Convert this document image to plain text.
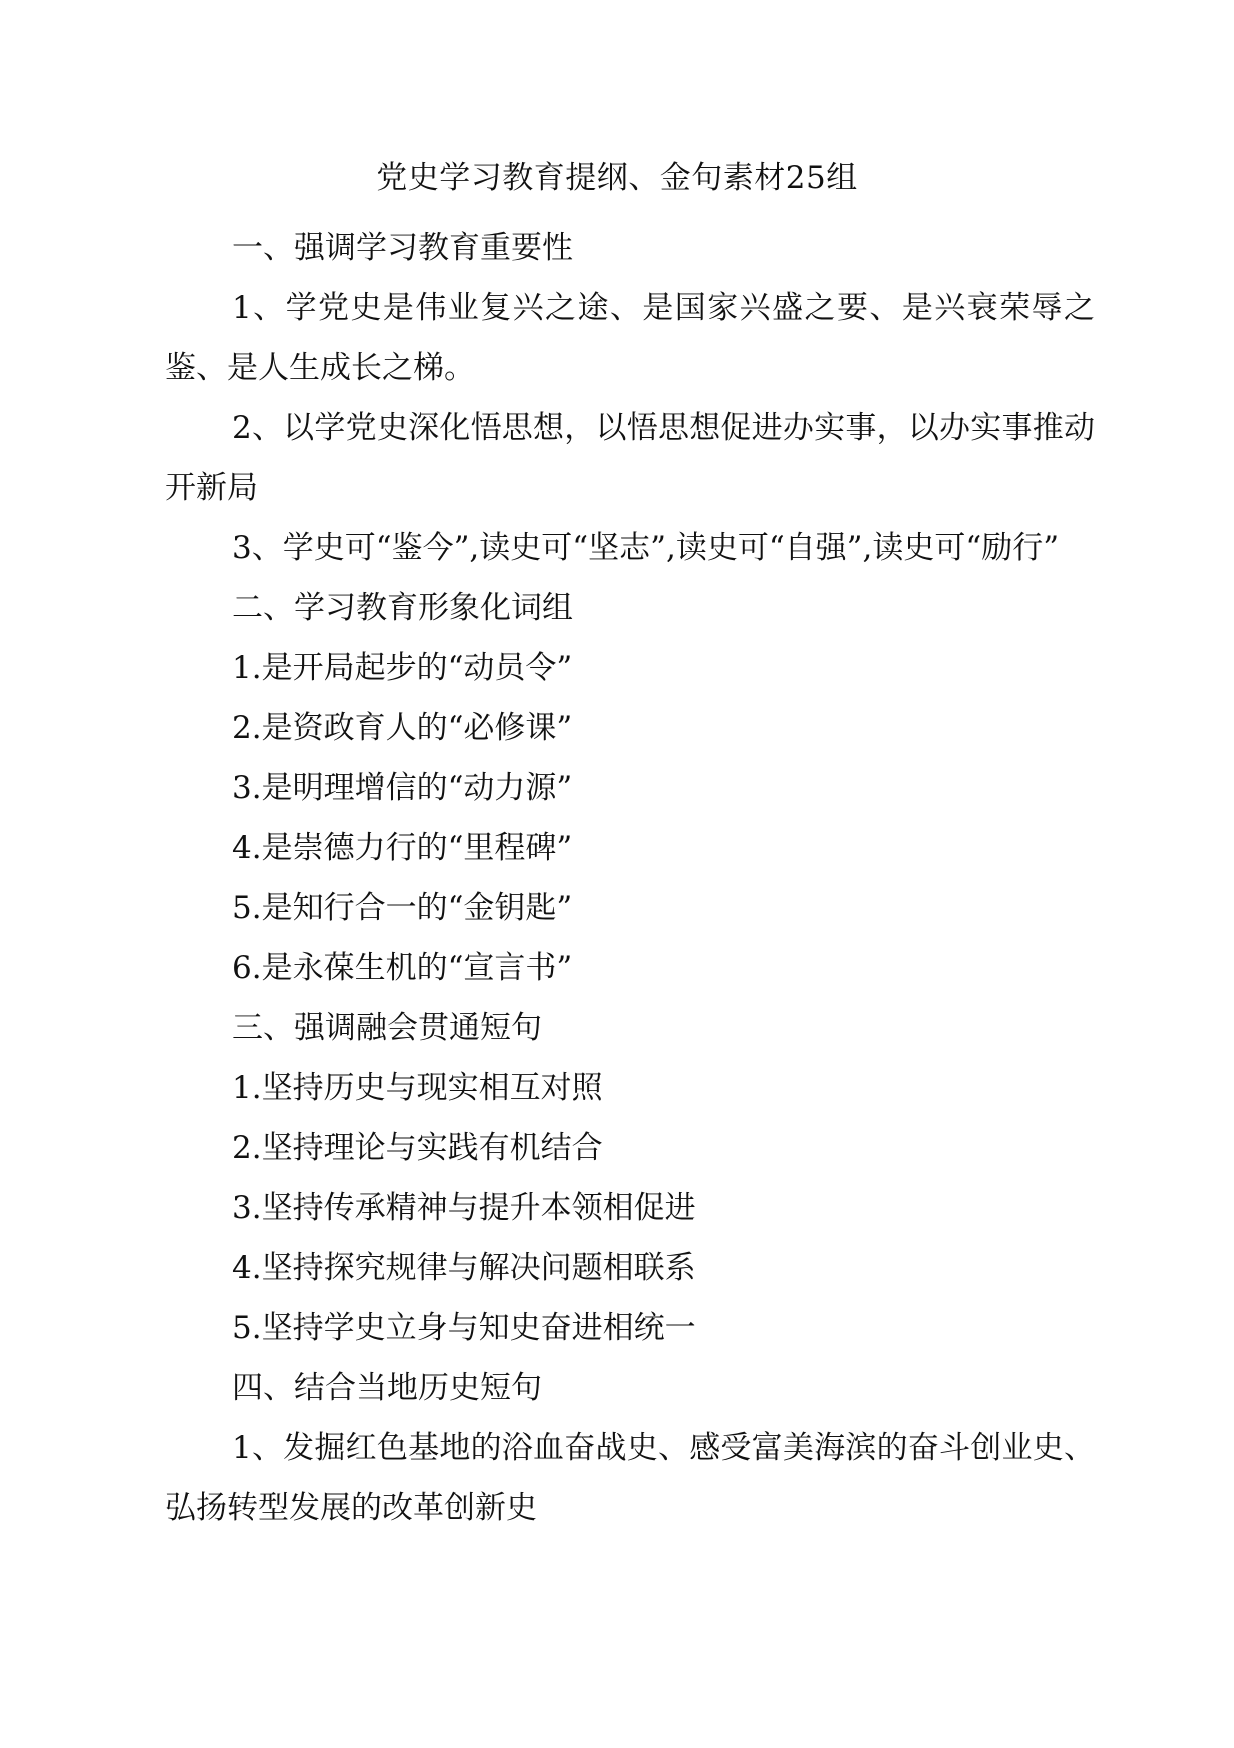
党史学习教育提纲、金句素材25组

一、强调学习教育重要性

1、学党史是伟业复兴之途、是国家兴盛之要、是兴衰荣辱之鉴、是人生成长之梯。

2、以学党史深化悟思想，以悟思想促进办实事，以办实事推动开新局

3、学史可“鉴今”,读史可“坚志”,读史可“自强”,读史可“励行”

二、学习教育形象化词组

1.是开局起步的“动员令”

2.是资政育人的“必修课”

3.是明理增信的“动力源”

4.是崇德力行的“里程碑”

5.是知行合一的“金钥匙”

6.是永葆生机的“宣言书”

三、强调融会贯通短句

1.坚持历史与现实相互对照

2.坚持理论与实践有机结合

3.坚持传承精神与提升本领相促进

4.坚持探究规律与解决问题相联系

5.坚持学史立身与知史奋进相统一

四、结合当地历史短句

1、发掘红色基地的浴血奋战史、感受富美海滨的奋斗创业史、弘扬转型发展的改革创新史
